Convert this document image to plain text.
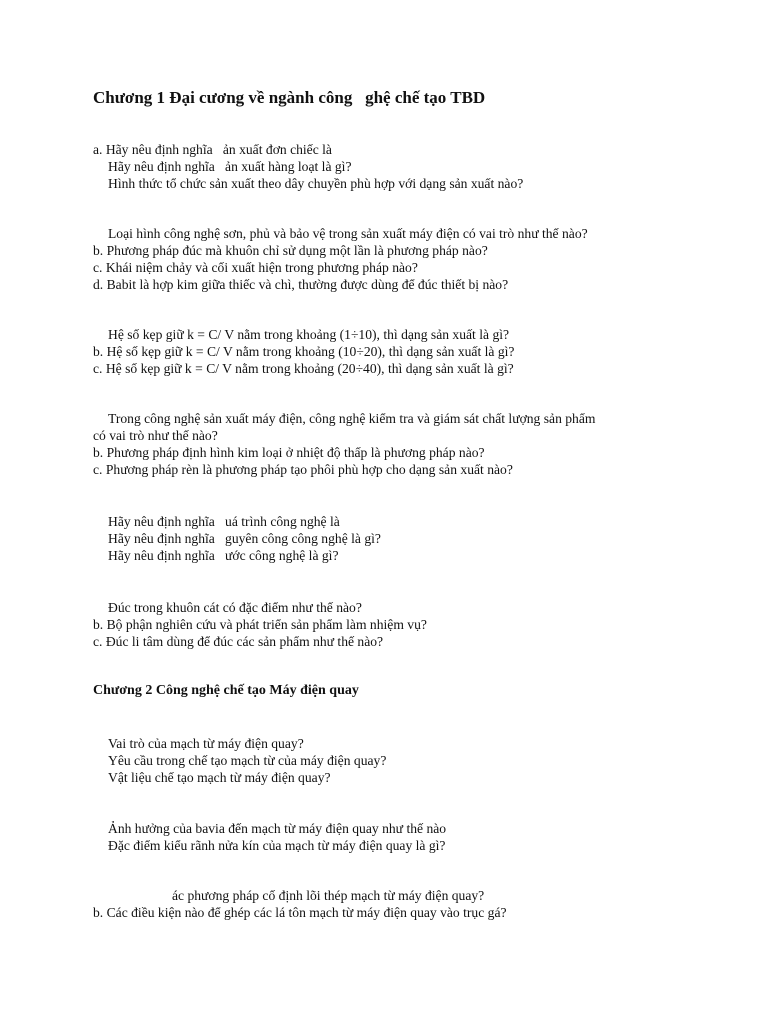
Chương 1 Đại cương về ngành công   ghệ chế tạo TBD
a. Hãy nêu định nghĩa   ản xuất đơn chiếc là
Hãy nêu định nghĩa   ản xuất hàng loạt là gì?
Hình thức tổ chức sản xuất theo dây chuyền phù hợp với dạng sản xuất nào?
Loại hình công nghệ sơn, phủ và bảo vệ trong sản xuất máy điện có vai trò như thế nào?
b. Phương pháp đúc mà khuôn chỉ sử dụng một lần là phương pháp nào?
c. Khái niệm chảy và cối xuất hiện trong phương pháp nào?
d. Babit là hợp kim giữa thiếc và chì, thường được dùng để đúc thiết bị nào?
Hệ số kẹp giữ k = C/ V nằm trong khoảng (1÷10), thì dạng sản xuất là gì?
b. Hệ số kẹp giữ k = C/ V nằm trong khoảng (10÷20), thì dạng sản xuất là gì?
c. Hệ số kẹp giữ k = C/ V nằm trong khoảng (20÷40), thì dạng sản xuất là gì?
Trong công nghệ sản xuất máy điện, công nghệ kiểm tra và giám sát chất lượng sản phẩm
có vai trò như thế nào?
b. Phương pháp định hình kim loại ở nhiệt độ thấp là phương pháp nào?
c. Phương pháp rèn là phương pháp tạo phôi phù hợp cho dạng sản xuất nào?
Hãy nêu định nghĩa   uá trình công nghệ là
Hãy nêu định nghĩa   guyên công công nghệ là gì?
Hãy nêu định nghĩa   ước công nghệ là gì?
Đúc trong khuôn cát có đặc điểm như thế nào?
b. Bộ phận nghiên cứu và phát triển sản phẩm làm nhiệm vụ?
c. Đúc li tâm dùng để đúc các sản phẩm như thế nào?
Chương 2 Công nghệ chế tạo Máy điện quay
Vai trò của mạch từ máy điện quay?
Yêu cầu trong chế tạo mạch từ của máy điện quay?
Vật liệu chế tạo mạch từ máy điện quay?
Ảnh hưởng của bavia đến mạch từ máy điện quay như thế nào
Đặc điểm kiểu rãnh nửa kín của mạch từ máy điện quay là gì?
ác phương pháp cố định lõi thép mạch từ máy điện quay?
b. Các điều kiện nào để ghép các lá tôn mạch từ máy điện quay vào trục gá?
